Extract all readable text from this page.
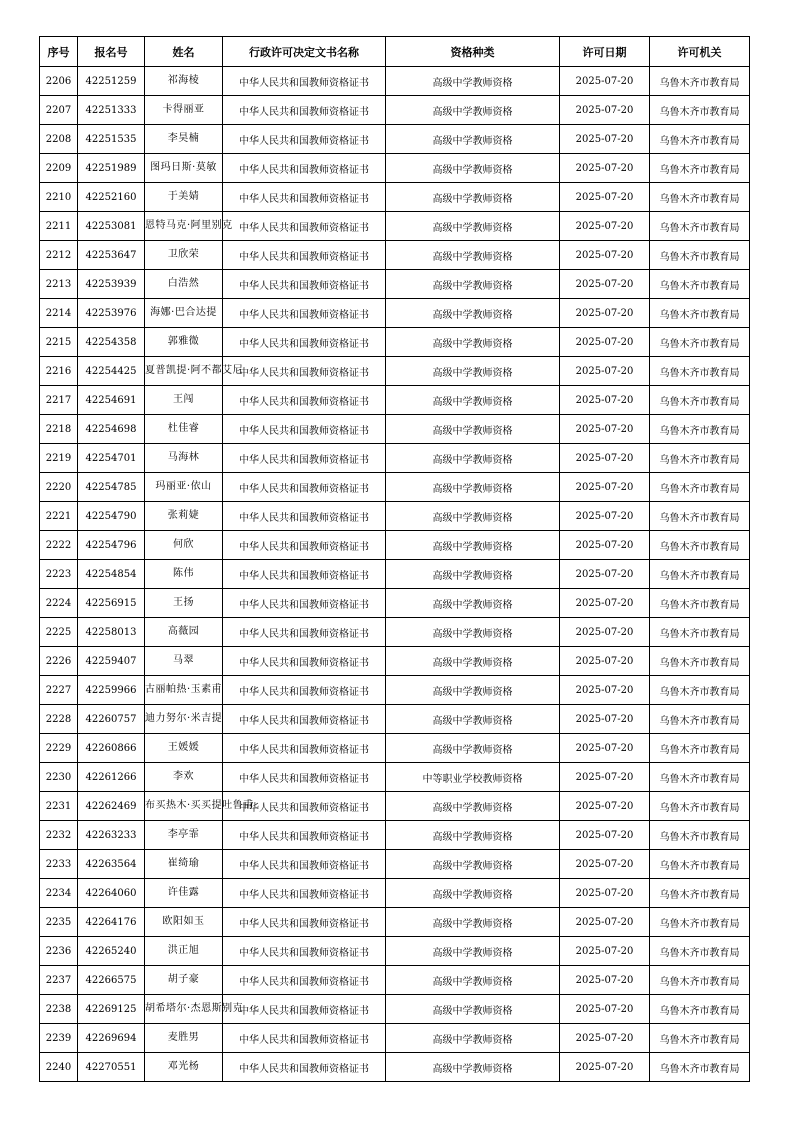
序号	报名号	姓名	行政许可决定文书名称	资格种类	许可日期	许可机关
2206	42251259	祁海棱	中华人民共和国教师资格证书	高级中学教师资格	2025-07-20	乌鲁木齐市教育局
2207	42251333	卡得丽亚	中华人民共和国教师资格证书	高级中学教师资格	2025-07-20	乌鲁木齐市教育局
2208	42251535	李昊楠	中华人民共和国教师资格证书	高级中学教师资格	2025-07-20	乌鲁木齐市教育局
2209	42251989	图玛日斯·莫敏	中华人民共和国教师资格证书	高级中学教师资格	2025-07-20	乌鲁木齐市教育局
2210	42252160	于美婧	中华人民共和国教师资格证书	高级中学教师资格	2025-07-20	乌鲁木齐市教育局
2211	42253081	恩特马克·阿里别克	中华人民共和国教师资格证书	高级中学教师资格	2025-07-20	乌鲁木齐市教育局
2212	42253647	卫欣荣	中华人民共和国教师资格证书	高级中学教师资格	2025-07-20	乌鲁木齐市教育局
2213	42253939	白浩然	中华人民共和国教师资格证书	高级中学教师资格	2025-07-20	乌鲁木齐市教育局
2214	42253976	海娜·巴合达提	中华人民共和国教师资格证书	高级中学教师资格	2025-07-20	乌鲁木齐市教育局
2215	42254358	郭雅微	中华人民共和国教师资格证书	高级中学教师资格	2025-07-20	乌鲁木齐市教育局
2216	42254425	夏普凯提·阿不都艾尼	中华人民共和国教师资格证书	高级中学教师资格	2025-07-20	乌鲁木齐市教育局
2217	42254691	王闯	中华人民共和国教师资格证书	高级中学教师资格	2025-07-20	乌鲁木齐市教育局
2218	42254698	杜佳睿	中华人民共和国教师资格证书	高级中学教师资格	2025-07-20	乌鲁木齐市教育局
2219	42254701	马海林	中华人民共和国教师资格证书	高级中学教师资格	2025-07-20	乌鲁木齐市教育局
2220	42254785	玛丽亚·依山	中华人民共和国教师资格证书	高级中学教师资格	2025-07-20	乌鲁木齐市教育局
2221	42254790	张莉婕	中华人民共和国教师资格证书	高级中学教师资格	2025-07-20	乌鲁木齐市教育局
2222	42254796	何欣	中华人民共和国教师资格证书	高级中学教师资格	2025-07-20	乌鲁木齐市教育局
2223	42254854	陈伟	中华人民共和国教师资格证书	高级中学教师资格	2025-07-20	乌鲁木齐市教育局
2224	42256915	王扬	中华人民共和国教师资格证书	高级中学教师资格	2025-07-20	乌鲁木齐市教育局
2225	42258013	高薇园	中华人民共和国教师资格证书	高级中学教师资格	2025-07-20	乌鲁木齐市教育局
2226	42259407	马翠	中华人民共和国教师资格证书	高级中学教师资格	2025-07-20	乌鲁木齐市教育局
2227	42259966	古丽帕热·玉素甫	中华人民共和国教师资格证书	高级中学教师资格	2025-07-20	乌鲁木齐市教育局
2228	42260757	迪力努尔·米吉提	中华人民共和国教师资格证书	高级中学教师资格	2025-07-20	乌鲁木齐市教育局
2229	42260866	王媛媛	中华人民共和国教师资格证书	高级中学教师资格	2025-07-20	乌鲁木齐市教育局
2230	42261266	李欢	中华人民共和国教师资格证书	中等职业学校教师资格	2025-07-20	乌鲁木齐市教育局
2231	42262469	布买热木·买买提吐鲁甫	中华人民共和国教师资格证书	高级中学教师资格	2025-07-20	乌鲁木齐市教育局
2232	42263233	李亭霏	中华人民共和国教师资格证书	高级中学教师资格	2025-07-20	乌鲁木齐市教育局
2233	42263564	崔绮瑜	中华人民共和国教师资格证书	高级中学教师资格	2025-07-20	乌鲁木齐市教育局
2234	42264060	许佳露	中华人民共和国教师资格证书	高级中学教师资格	2025-07-20	乌鲁木齐市教育局
2235	42264176	欧阳如玉	中华人民共和国教师资格证书	高级中学教师资格	2025-07-20	乌鲁木齐市教育局
2236	42265240	洪正旭	中华人民共和国教师资格证书	高级中学教师资格	2025-07-20	乌鲁木齐市教育局
2237	42266575	胡子豪	中华人民共和国教师资格证书	高级中学教师资格	2025-07-20	乌鲁木齐市教育局
2238	42269125	胡希塔尔·杰恩斯别克	中华人民共和国教师资格证书	高级中学教师资格	2025-07-20	乌鲁木齐市教育局
2239	42269694	麦胜男	中华人民共和国教师资格证书	高级中学教师资格	2025-07-20	乌鲁木齐市教育局
2240	42270551	邓光杨	中华人民共和国教师资格证书	高级中学教师资格	2025-07-20	乌鲁木齐市教育局
